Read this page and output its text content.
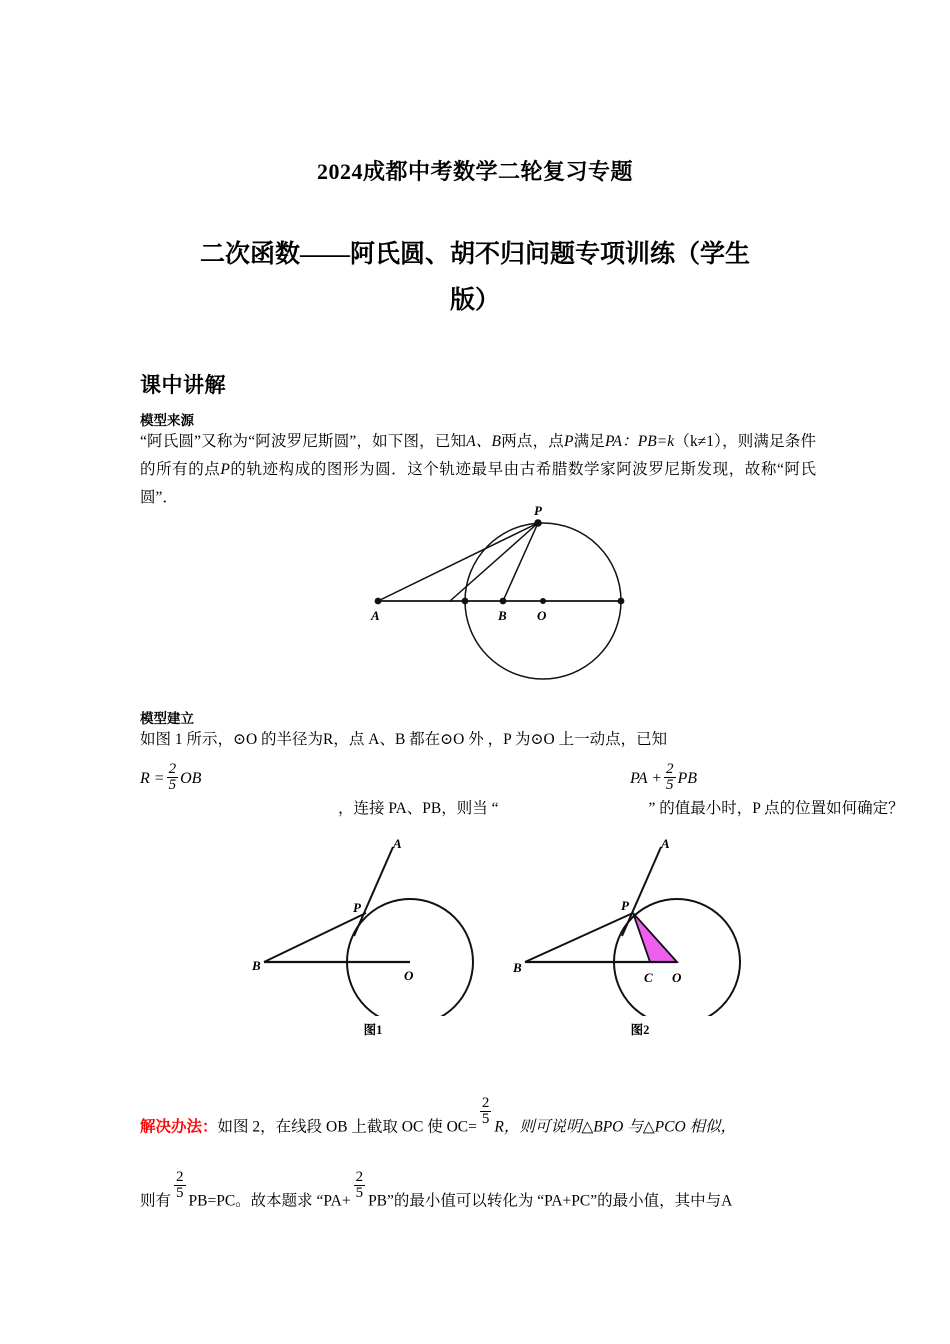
2024成都中考数学二轮复习专题
二次函数——阿氏圆、胡不归问题专项训练（学生版）
课中讲解
模型来源
“阿氏圆”又称为“阿波罗尼斯圆”，如下图，已知A、B两点，点P满足PA：PB=k（k≠1），则满足条件的所有的点P的轨迹构成的图形为圆．这个轨迹最早由古希腊数学家阿波罗尼斯发现，故称“阿氏圆”．
A	B O
P
模型建立
如图 1 所示，⊙O 的半径为R，点 A、B 都在⊙O 外 ，P 为⊙O 上一动点，已知
$R = \frac{2}{5}$ OB	PA + $\frac{2}{5}$ PB
，连接 PA、PB，则当 “	” 的值最小时，P 点的位置如何确定？
B
O
P
A
图1
B
C O
P
A
图2
解决办法：如图 2，在线段 OB 上截取 OC 使 $OC= \frac{2}{5}$ R，则可说明△BPO 与△PCO 相似，
则有 $\frac{2}{5} PB=PC$。故本题求 “$PA+ \frac{2}{5}$ PB”的最小值可以转化为 “PA+PC”的最小值，其中与A
